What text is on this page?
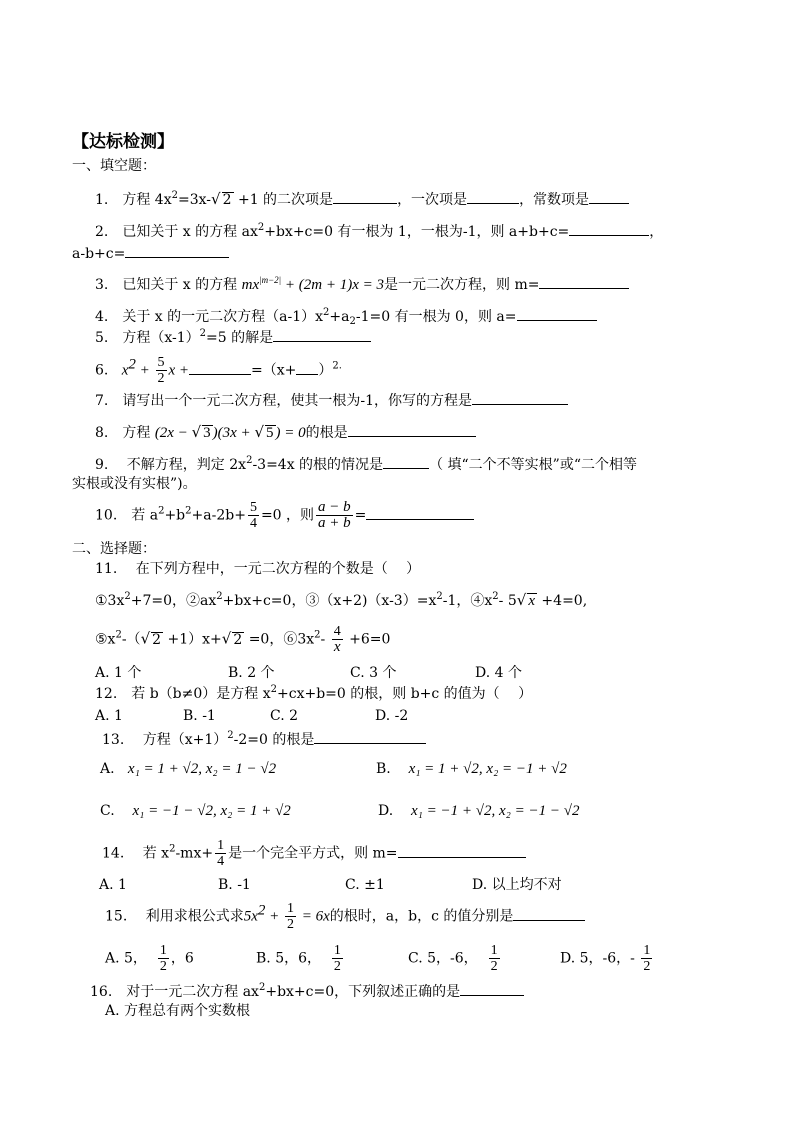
【达标检测】
一、填空题：
1.　方程 $4x^2=3x-√$ 2 +1 的二次项是	，一次项是	，常数项是
2.　已知关于 x 的方程 $ax^2+bx+c=0$ 有一根为 1，一根为-1，则 a+b+c=	，
a-b+c=
3.　已知关于 x 的方程 $mx^{|m-2|} + (2m + 1)x = 3$是一元二次方程，则 m=
4.　关于 x 的一元二次方程$(a-1)x^2+a_2-1=0$ 有一根为 0，则 a=
5.　方程$(x-1)^2=5$ 的解是
6. $x^2 + \frac{5}{2}$ x +	$=(x+ )^{2.}$
7.　请写出一个一元二次方程，使其一根为-1，你写的方程是
8.　方程 (2x − √ 3 )(3x + √ 5 ) = 0的根是
9.　 不解方程，判定 $2x^2-3=4x$ 的根的情况是	（ 填“二个不等实根”或“二个相等
实根或没有实根”)。
10.　若 $a^2+b^2+a-2b+ \frac{5}{4} =0$ ，则 $\frac{a - b}{a + b}$ =
二、选择题：
11.　 在下列方程中，一元二次方程的个数是（　 ）
$①3x^2+7=0$，$②ax^2+bx+c=0$，$③(x+2)(x-3)=x^2-1$，$④x^2-$ 5√ x +4=0,
$⑤x^2-(√$ 2 +1）x+√ 2 =0，$⑥3x^2- \frac{4}{x} +6=0$
A. 1 个	B. 2 个	C. 3 个	D. 4 个
12.　若 b（b≠0）是方程 $x^2+cx+b=0$ 的根，则 b+c 的值为（　 ）
A. 1	B. -1	C. 2	D. -2
13.　 方程$(x+1)^2-2=0$ 的根是
A. x₁ = 1 + √2, x₂ = 1 − √2	B. x₁ = 1 + √2, x₂ = −1 + √2
C. x₁ = −1 − √2, x₂ = 1 + √2	D. x₁ = −1 + √2, x₂ = −1 − √2
14.　 若 $x^2-mx+ \frac{1}{4}$ 是一个完全平方式，则 m=
A. 1	B. -1	C. ±1	D. 以上均不对
15.　 利用求根公式求$5x^2 + \frac{1}{2} = 6x$的根时，a，b，c 的值分别是
A. 5， $\frac{1}{2}$ ，6	B. 5，6， $\frac{1}{2}$	C. 5，-6， $\frac{1}{2}$	D. 5，-6，- $\frac{1}{2}$
16.　对于一元二次方程 $ax^2+bx+c=0$，下列叙述正确的是
A. 方程总有两个实数根
